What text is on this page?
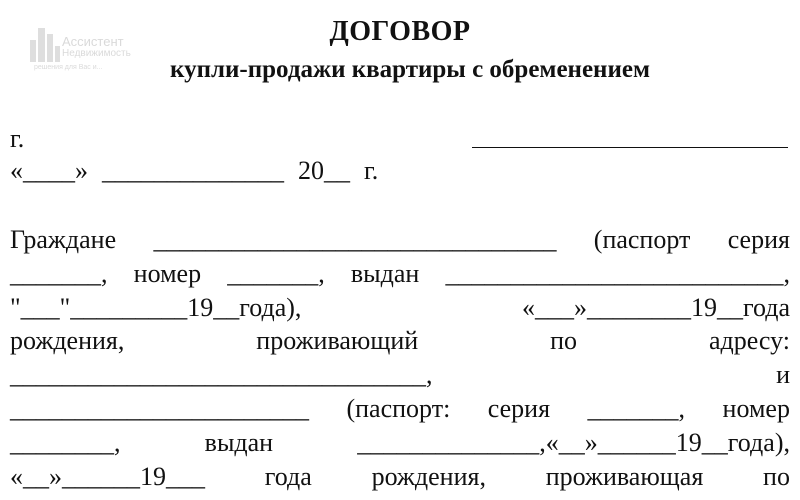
Ассистент
Недвижимость
решения для Вас и...
ДОГОВОР
купли-продажи квартиры с обременением
г.
«____» ______________ 20__ г.
Граждане _______________________________ (паспорт серия
_______, номер _______, выдан __________________________,
"___"_________19__года),	«___»________19__года
рождения,	проживающий	по	адресу:
________________________________,	и
_______________________ (паспорт: серия _______, номер
________,	выдан	______________,«__»______19__года),
«__»______19___ года рождения, проживающая по
